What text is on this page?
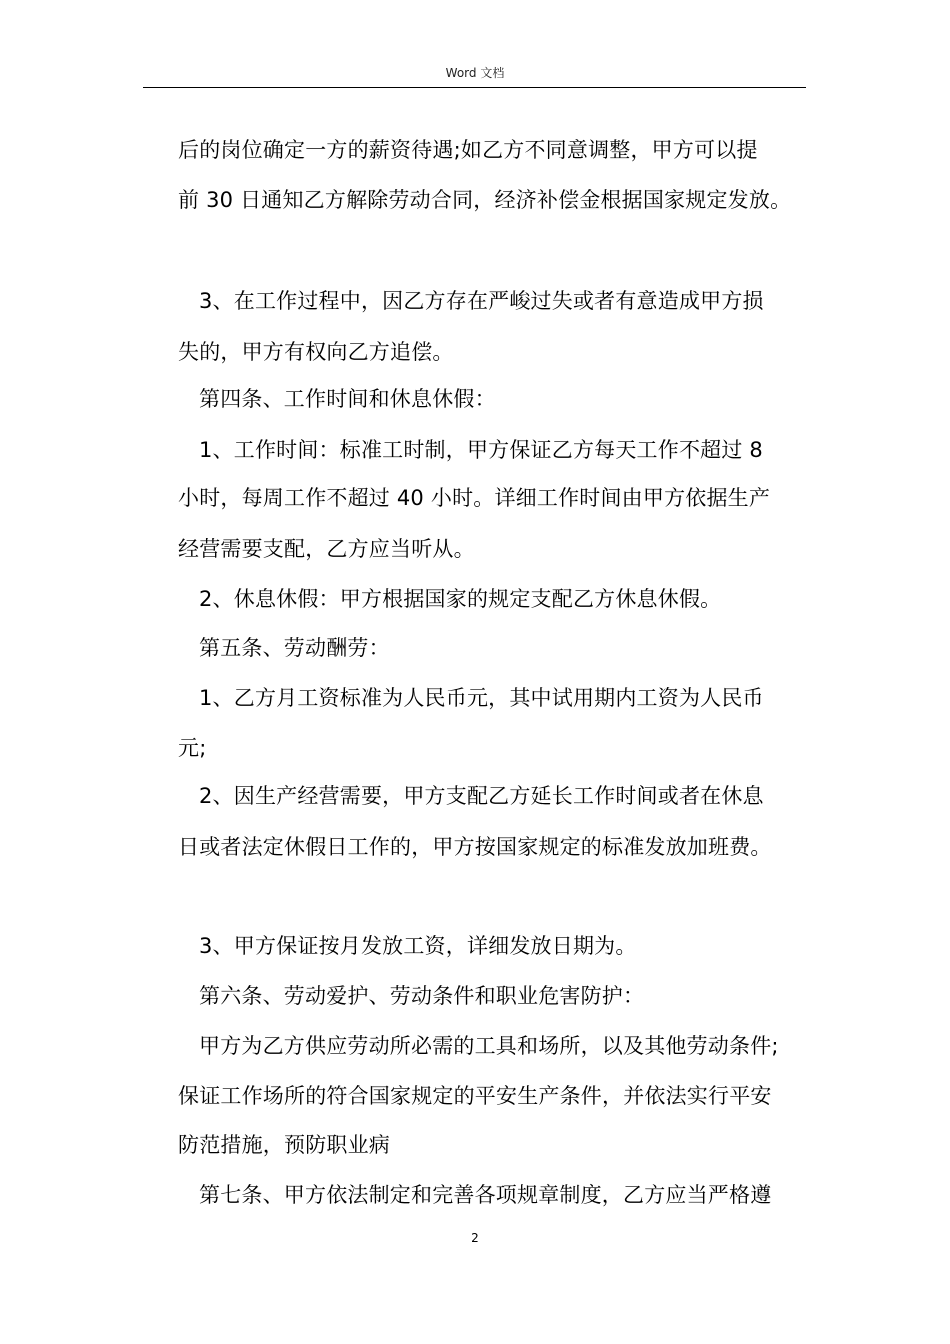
Word 文档
后的岗位确定一方的薪资待遇;如乙方不同意调整，甲方可以提
前 30 日通知乙方解除劳动合同，经济补偿金根据国家规定发放。
3、在工作过程中，因乙方存在严峻过失或者有意造成甲方损
失的，甲方有权向乙方追偿。
第四条、工作时间和休息休假：
1、工作时间：标准工时制，甲方保证乙方每天工作不超过 8
小时，每周工作不超过 40 小时。详细工作时间由甲方依据生产
经营需要支配，乙方应当听从。
2、休息休假：甲方根据国家的规定支配乙方休息休假。
第五条、劳动酬劳：
1、乙方月工资标准为人民币元，其中试用期内工资为人民币
元;
2、因生产经营需要，甲方支配乙方延长工作时间或者在休息
日或者法定休假日工作的，甲方按国家规定的标准发放加班费。
3、甲方保证按月发放工资，详细发放日期为。
第六条、劳动爱护、劳动条件和职业危害防护：
甲方为乙方供应劳动所必需的工具和场所，以及其他劳动条件;
保证工作场所的符合国家规定的平安生产条件，并依法实行平安
防范措施，预防职业病
第七条、甲方依法制定和完善各项规章制度，乙方应当严格遵
2
